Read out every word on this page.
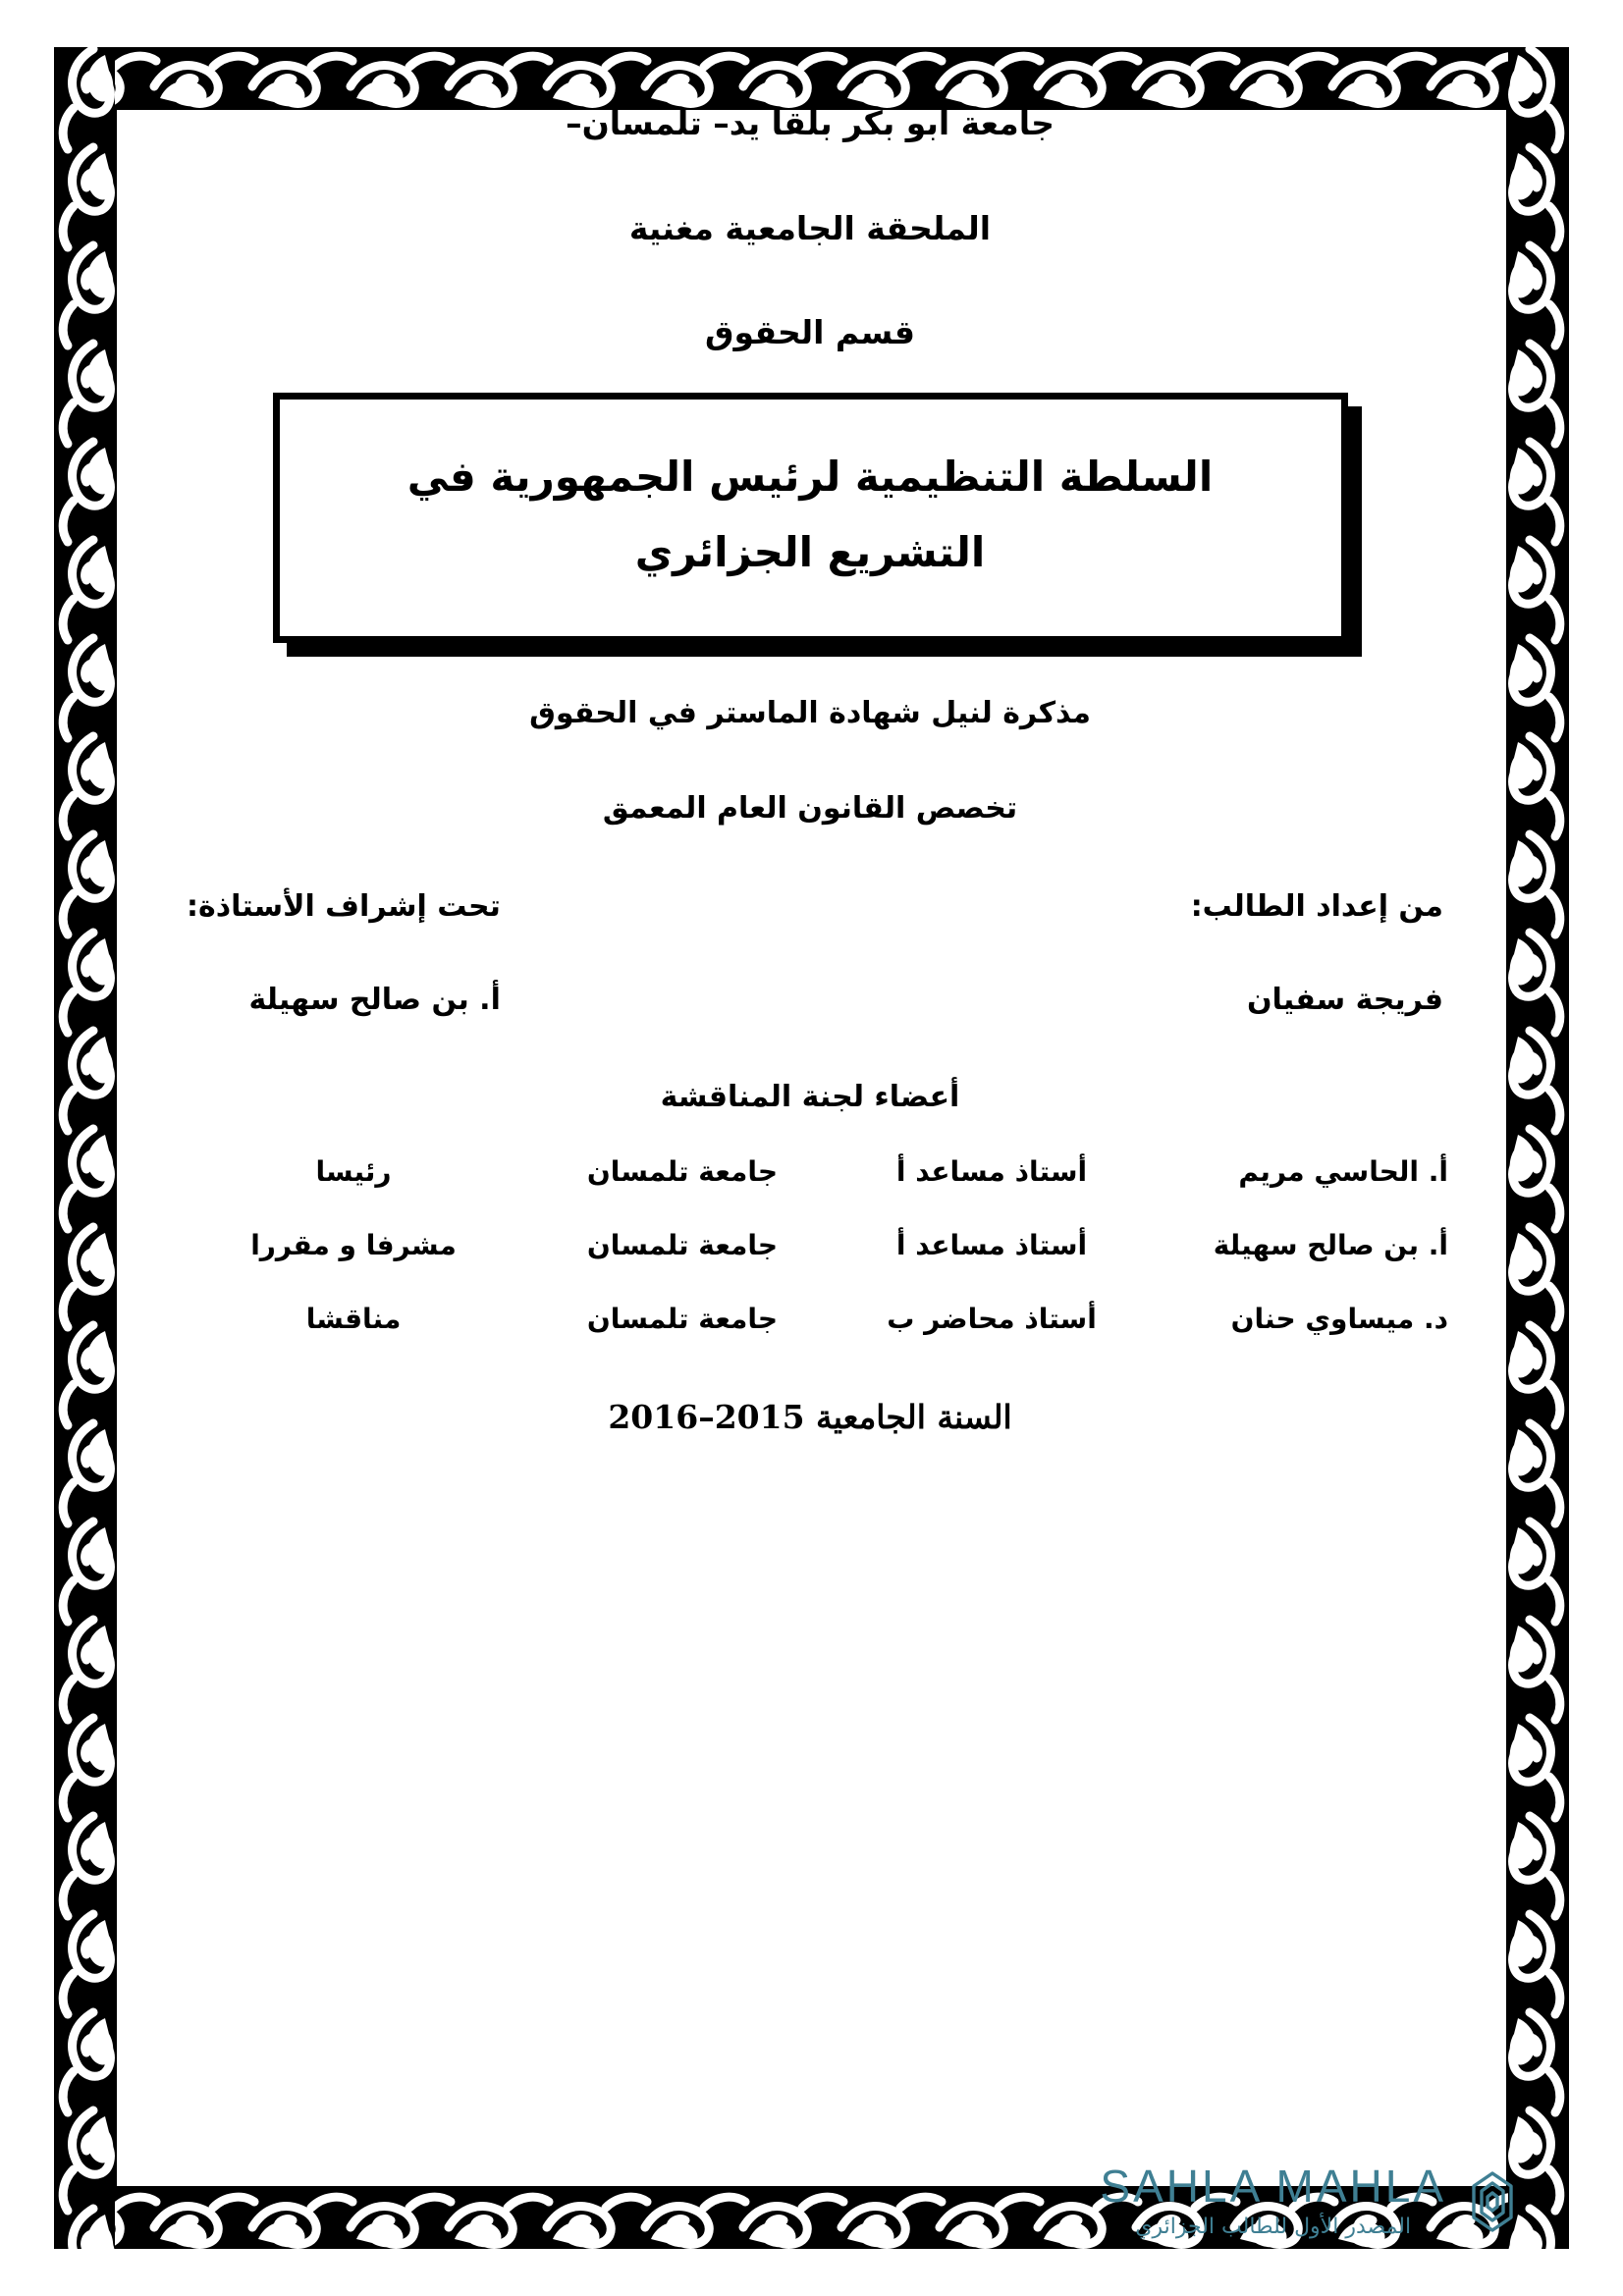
جامعة أبو بكر بلقا يد– تلمسان–
الملحقة الجامعية مغنية
قسم الحقوق
السلطة التنظيمية لرئيس الجمهورية في
التشريع الجزائري
مذكرة لنيل شهادة الماستر في الحقوق
تخصص القانون العام المعمق
من إعداد الطالب:
فريجة سفيان
تحت إشراف الأستاذة:
أ. بن صالح سهيلة
أعضاء لجنة المناقشة
أ. الحاسي مريم
أستاذ مساعد أ
جامعة تلمسان
رئيسا
أ. بن صالح سهيلة
أستاذ مساعد أ
جامعة تلمسان
مشرفا و مقررا
د. ميساوي حنان
أستاذ محاضر ب
جامعة تلمسان
مناقشا
السنة الجامعية 2015–2016
SAHLA MAHLA
المصدر الأول للطالب الجزائري
